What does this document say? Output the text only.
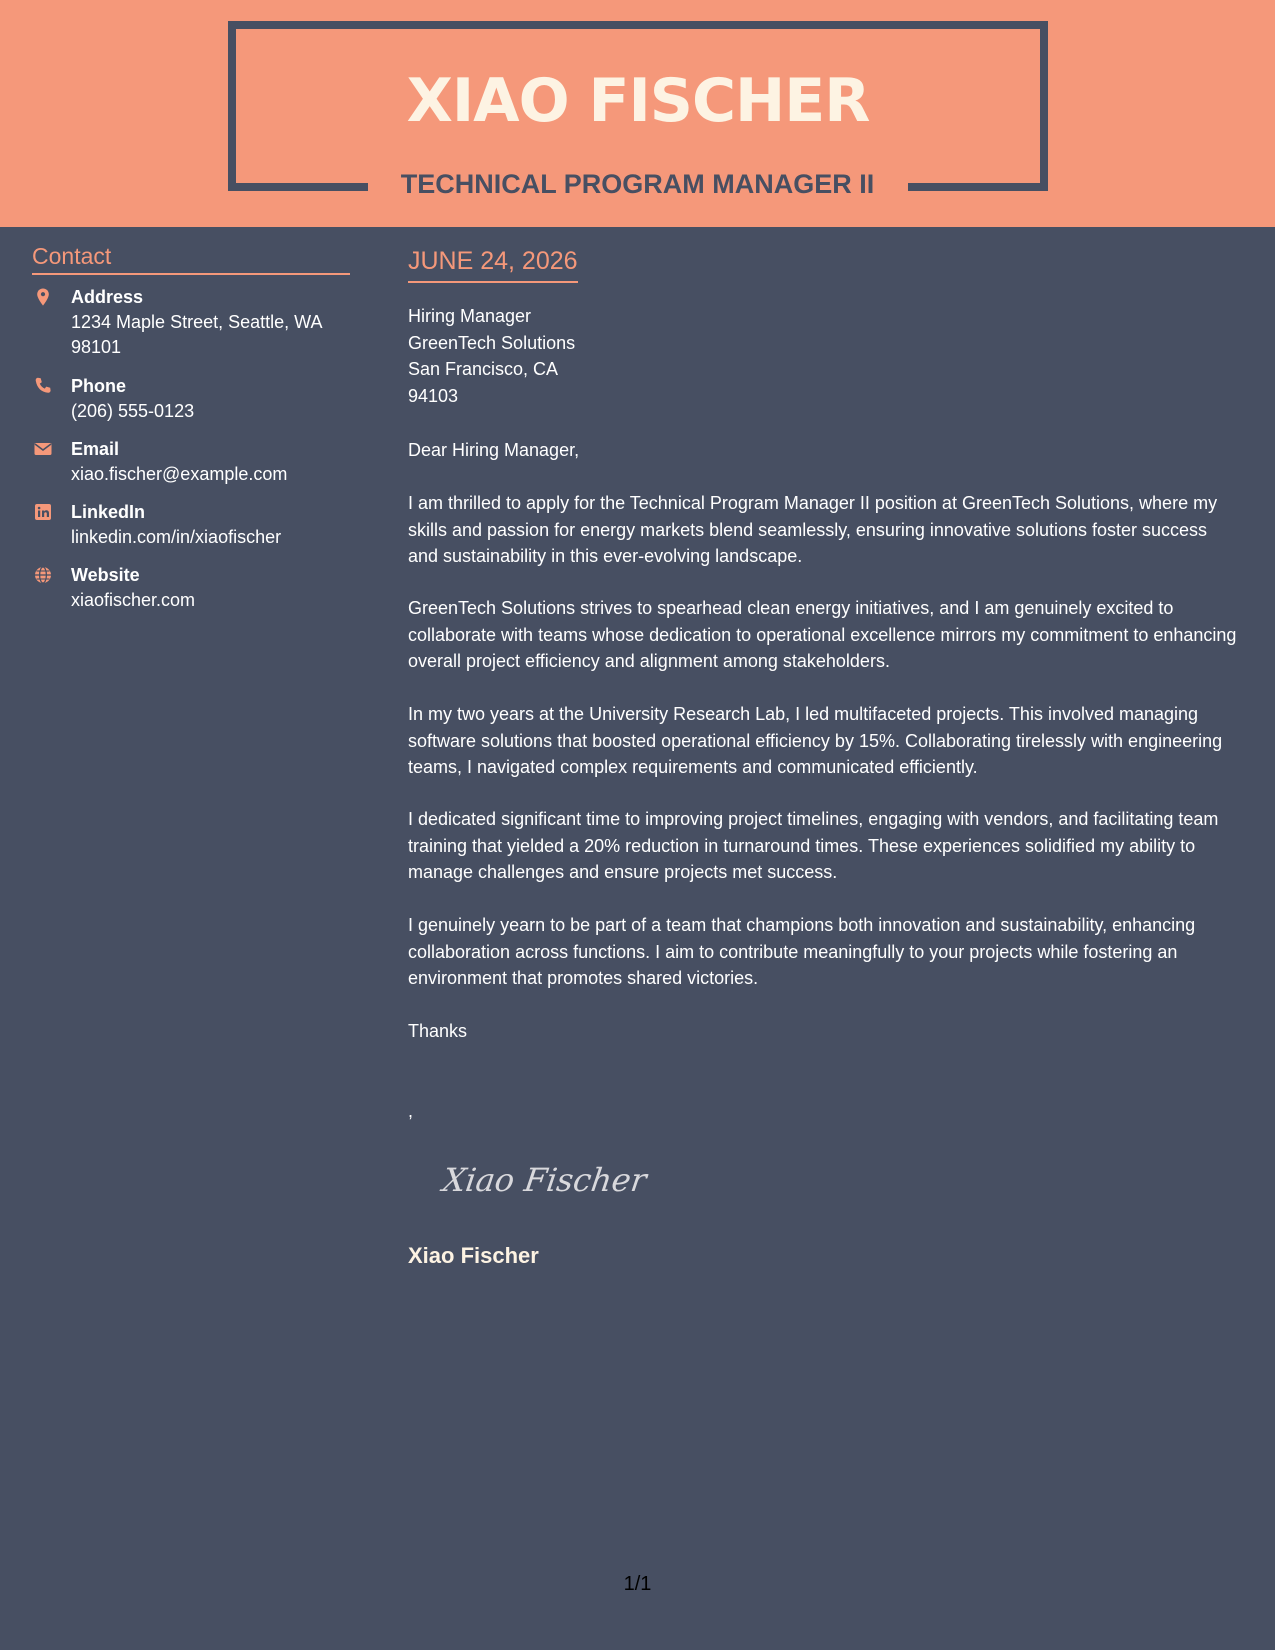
XIAO FISCHER
TECHNICAL PROGRAM MANAGER II
Contact
Address
1234 Maple Street, Seattle, WA 98101
Phone
(206) 555-0123
Email
xiao.fischer@example.com
LinkedIn
linkedin.com/in/xiaofischer
Website
xiaofischer.com
JUNE 24, 2026
Hiring Manager
GreenTech Solutions
San Francisco, CA
94103
Dear Hiring Manager,

I am thrilled to apply for the Technical Program Manager II position at GreenTech Solutions, where my skills and passion for energy markets blend seamlessly, ensuring innovative solutions foster success and sustainability in this ever-evolving landscape.

GreenTech Solutions strives to spearhead clean energy initiatives, and I am genuinely excited to collaborate with teams whose dedication to operational excellence mirrors my commitment to enhancing overall project efficiency and alignment among stakeholders.

In my two years at the University Research Lab, I led multifaceted projects. This involved managing software solutions that boosted operational efficiency by 15%. Collaborating tirelessly with engineering teams, I navigated complex requirements and communicated efficiently.

I dedicated significant time to improving project timelines, engaging with vendors, and facilitating team training that yielded a 20% reduction in turnaround times. These experiences solidified my ability to manage challenges and ensure projects met success.

I genuinely yearn to be part of a team that champions both innovation and sustainability, enhancing collaboration across functions. I aim to contribute meaningfully to your projects while fostering an environment that promotes shared victories.

Thanks
,
Xiao Fischer
Xiao Fischer
1/1
